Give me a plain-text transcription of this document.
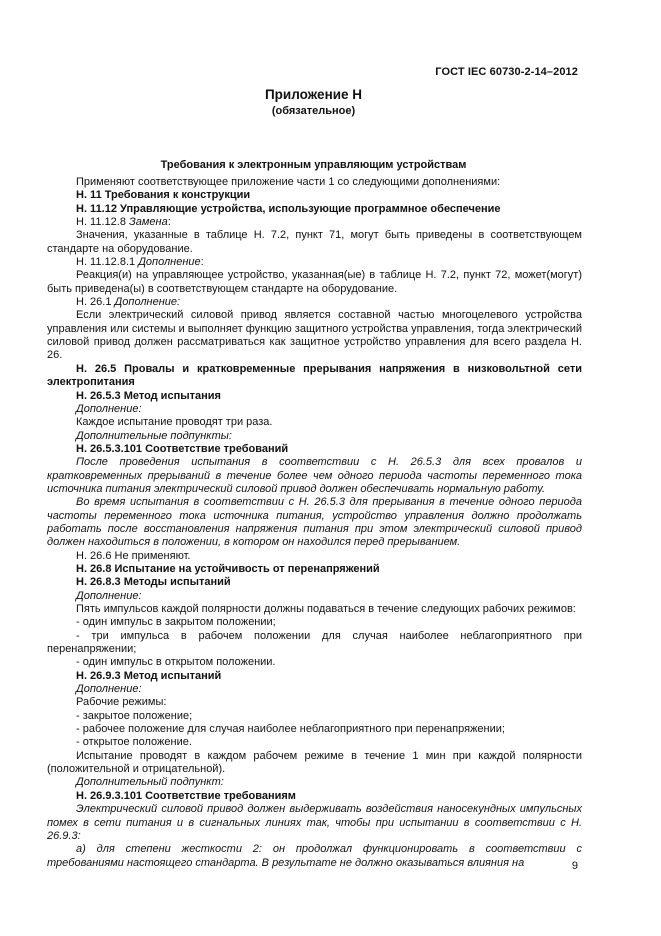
ГОСТ IEC 60730-2-14–2012
Приложение H
(обязательное)
Требования к электронным управляющим устройствам

Применяют соответствующее приложение части 1 со следующими дополнениями:

H. 11 Требования к конструкции

H. 11.12 Управляющие устройства, использующие программное обеспечение

H. 11.12.8 Замена:

Значения, указанные в таблице H. 7.2, пункт 71, могут быть приведены в соответствующем стандарте на оборудование.

H. 11.12.8.1 Дополнение:

Реакция(и) на управляющее устройство, указанная(ые) в таблице H. 7.2, пункт 72, может(могут) быть приведена(ы) в соответствующем стандарте на оборудование.

H. 26.1 Дополнение:

Если электрический силовой привод является составной частью многоцелевого устройства управления или системы и выполняет функцию защитного устройства управления, тогда электрический силовой привод должен рассматриваться как защитное устройство управления для всего раздела H. 26.

H. 26.5 Провалы и кратковременные прерывания напряжения в низковольтной сети электропитания

H. 26.5.3 Метод испытания

Дополнение:

Каждое испытание проводят три раза.

Дополнительные подпункты:

H. 26.5.3.101 Соответствие требований

После проведения испытания в соответствии с H. 26.5.3 для всех провалов и кратковременных прерываний в течение более чем одного периода частоты переменного тока источника питания электрический силовой привод должен обеспечивать нормальную работу.

Во время испытания в соответствии с H. 26.5.3 для прерывания в течение одного периода частоты переменного тока источника питания, устройство управления должно продолжать работать после восстановления напряжения питания при этом электрический силовой привод должен находиться в положении, в котором он находился перед прерыванием.

H. 26.6 Не применяют.

H. 26.8 Испытание на устойчивость от перенапряжений

H. 26.8.3 Методы испытаний

Дополнение:

Пять импульсов каждой полярности должны подаваться в течение следующих рабочих режимов:

- один импульс в закрытом положении;

- три импульса в рабочем положении для случая наиболее неблагоприятного при перенапряжении;

- один импульс в открытом положении.

H. 26.9.3 Метод испытаний

Дополнение:

Рабочие режимы:

- закрытое положение;

- рабочее положение для случая наиболее неблагоприятного при перенапряжении;

- открытое положение.

Испытание проводят в каждом рабочем режиме в течение 1 мин при каждой полярности (положительной и отрицательной).

Дополнительный подпункт:

H. 26.9.3.101 Соответствие требованиям

Электрический силовой привод должен выдерживать воздействия наносекундных импульсных помех в сети питания и в сигнальных линиях так, чтобы при испытании в соответствии с H. 26.9.3:

а) для степени жесткости 2: он продолжал функционировать в соответствии с требованиями настоящего стандарта. В результате не должно оказываться влияния на	9
